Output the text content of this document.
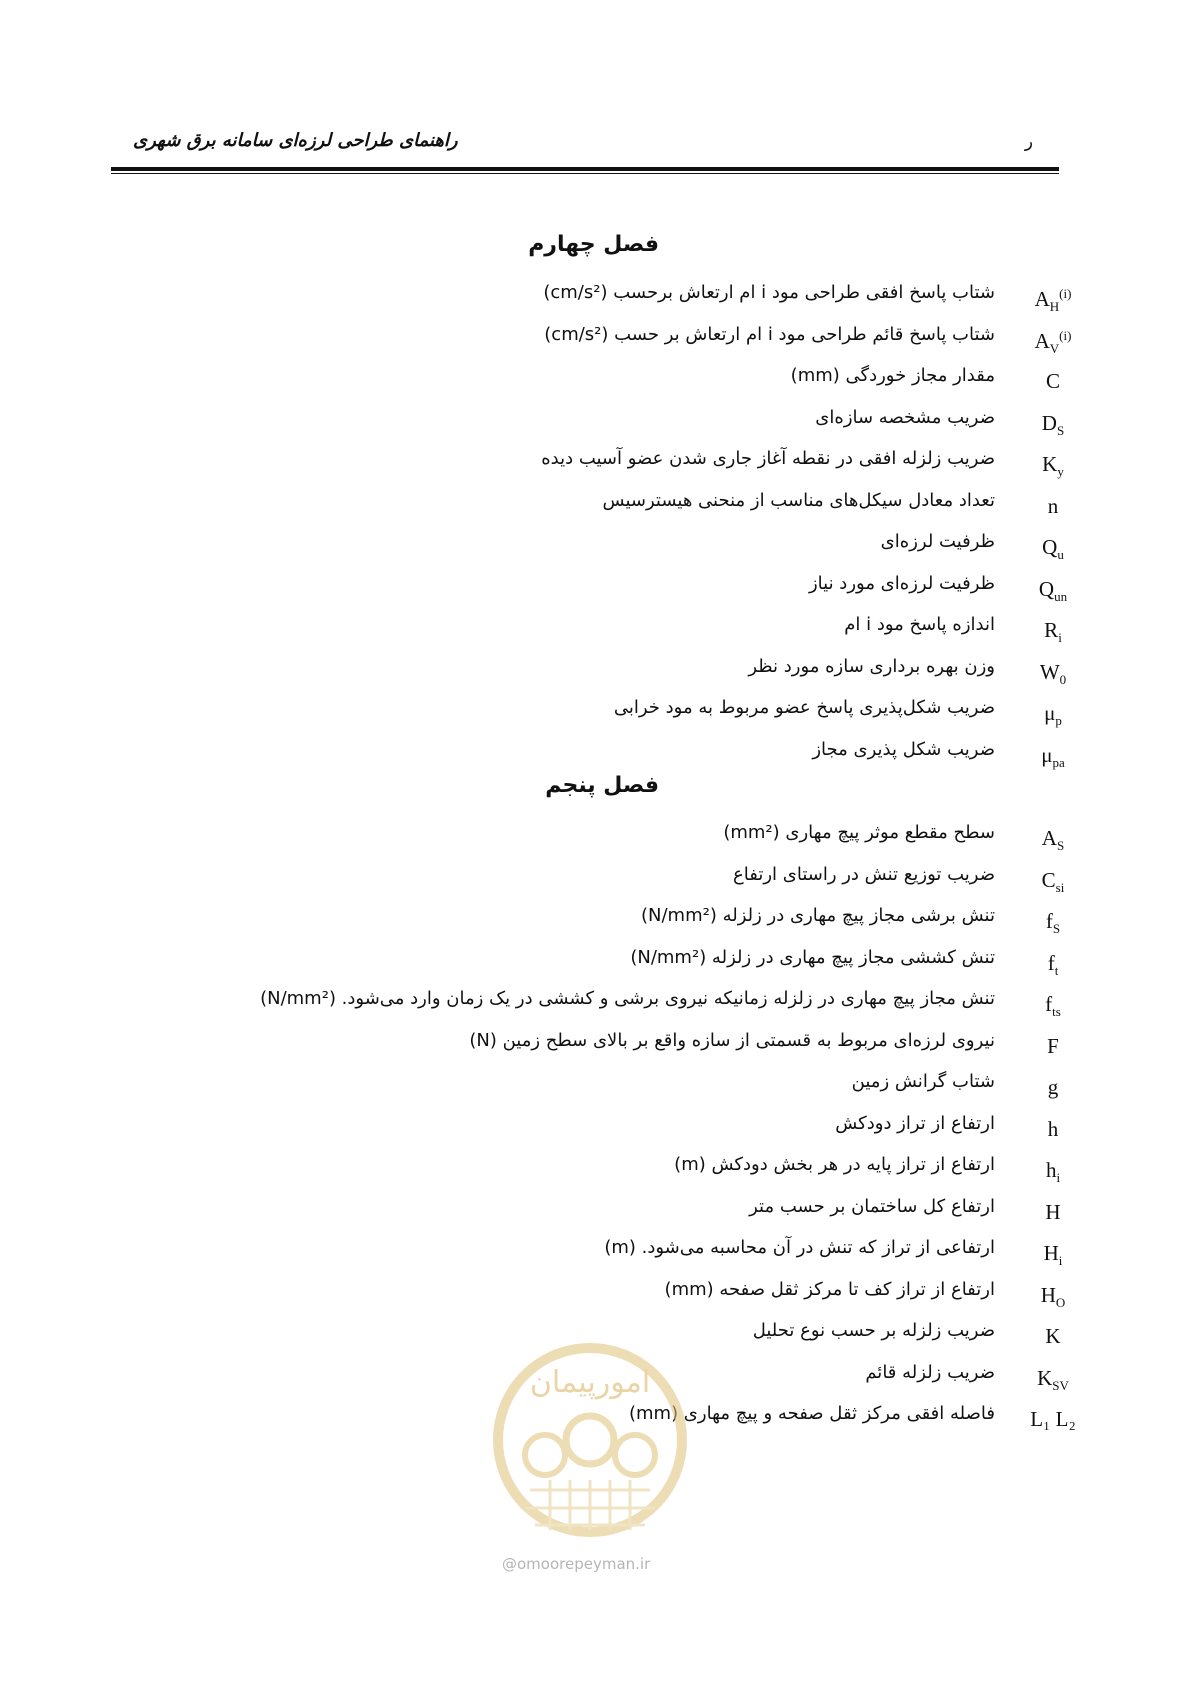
راهنمای طراحی لرزه‌ای سامانه برق شهری	ر
فصل چهارم
شتاب پاسخ افقی طراحی مود i ام ارتعاش برحسب (cm/s²)	$A_H^{(i)}$
شتاب پاسخ قائم طراحی مود i ام ارتعاش بر حسب (cm/s²)	$A_V^{(i)}$
مقدار مجاز خوردگی (mm)	C
ضریب مشخصه سازه‌ای	$D_S$
ضریب زلزله افقی در نقطه آغاز جاری شدن عضو آسیب دیده	$K_y$
تعداد معادل سیکل‌های مناسب از منحنی هیسترسیس	n
ظرفیت لرزه‌ای	$Q_u$
ظرفیت لرزه‌ای مورد نیاز	$Q_{un}$
اندازه پاسخ مود i ام	$R_i$
وزن بهره برداری سازه مورد نظر	$W_0$
ضریب شکل‌پذیری پاسخ عضو مربوط به مود خرابی	$\mu_p$
ضریب شکل پذیری مجاز	$\mu_{pa}$
فصل پنجم
سطح مقطع موثر پیچ مهاری (mm²)	$A_S$
ضریب توزیع تنش در راستای ارتفاع	$C_{si}$
تنش برشی مجاز پیچ مهاری در زلزله (N/mm²)	$f_S$
تنش کششی مجاز پیچ مهاری در زلزله (N/mm²)	$f_t$
تنش مجاز پیچ مهاری در زلزله زمانیکه نیروی برشی و کششی در یک زمان وارد می‌شود. (N/mm²)	$f_{ts}$
نیروی لرزه‌ای مربوط به قسمتی از سازه واقع بر بالای سطح زمین (N)	F
شتاب گرانش زمین	g
ارتفاع از تراز دودکش	h
ارتفاع از تراز پایه در هر بخش دودکش (m)	$h_i$
ارتفاع کل ساختمان بر حسب متر	H
ارتفاعی از تراز که تنش در آن محاسبه می‌شود. (m)	$H_i$
ارتفاع از تراز کف تا مرکز ثقل صفحه (mm)	$H_O$
ضریب زلزله بر حسب نوع تحلیل	K
ضریب زلزله قائم	$K_{SV}$
فاصله افقی مرکز ثقل صفحه و پیچ مهاری (mm)	L₁ L₂
امورپیمان
@omoorepeyman.ir
